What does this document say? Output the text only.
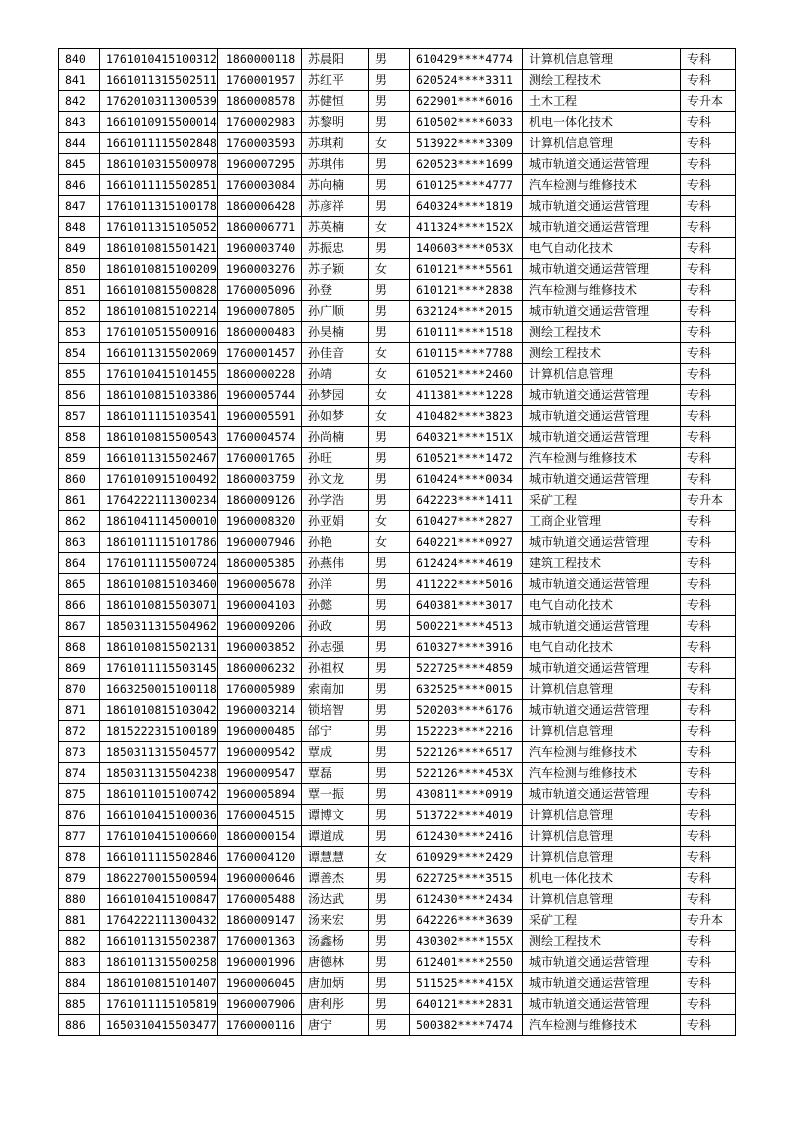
840	1761010415100312	1860000118	苏晨阳	男	610429****4774	计算机信息管理	专科
841	1661011315502511	1760001957	苏红平	男	620524****3311	测绘工程技术	专科
842	1762010311300539	1860008578	苏健恒	男	622901****6016	土木工程	专升本
843	1661010915500014	1760002983	苏黎明	男	610502****6033	机电一体化技术	专科
844	1661011115502848	1760003593	苏琪莉	女	513922****3309	计算机信息管理	专科
845	1861010315500978	1960007295	苏琪伟	男	620523****1699	城市轨道交通运营管理	专科
846	1661011115502851	1760003084	苏向楠	男	610125****4777	汽车检测与维修技术	专科
847	1761011315100178	1860006428	苏彦祥	男	640324****1819	城市轨道交通运营管理	专科
848	1761011315105052	1860006771	苏英楠	女	411324****152X	城市轨道交通运营管理	专科
849	1861010815501421	1960003740	苏振忠	男	140603****053X	电气自动化技术	专科
850	1861010815100209	1960003276	苏子颖	女	610121****5561	城市轨道交通运营管理	专科
851	1661010815500828	1760005096	孙登	男	610121****2838	汽车检测与维修技术	专科
852	1861010815102214	1960007805	孙广顺	男	632124****2015	城市轨道交通运营管理	专科
853	1761010515500916	1860000483	孙昊楠	男	610111****1518	测绘工程技术	专科
854	1661011315502069	1760001457	孙佳音	女	610115****7788	测绘工程技术	专科
855	1761010415101455	1860000228	孙靖	女	610521****2460	计算机信息管理	专科
856	1861010815103386	1960005744	孙梦园	女	411381****1228	城市轨道交通运营管理	专科
857	1861011115103541	1960005591	孙如梦	女	410482****3823	城市轨道交通运营管理	专科
858	1861010815500543	1760004574	孙尚楠	男	640321****151X	城市轨道交通运营管理	专科
859	1661011315502467	1760001765	孙旺	男	610521****1472	汽车检测与维修技术	专科
860	1761010915100492	1860003759	孙文龙	男	610424****0034	城市轨道交通运营管理	专科
861	1764222111300234	1860009126	孙学浩	男	642223****1411	采矿工程	专升本
862	1861041114500010	1960008320	孙亚娟	女	610427****2827	工商企业管理	专科
863	1861011115101786	1960007946	孙艳	女	640221****0927	城市轨道交通运营管理	专科
864	1761011115500724	1860005385	孙燕伟	男	612424****4619	建筑工程技术	专科
865	1861010815103460	1960005678	孙洋	男	411222****5016	城市轨道交通运营管理	专科
866	1861010815503071	1960004103	孙懿	男	640381****3017	电气自动化技术	专科
867	1850311315504962	1960009206	孙政	男	500221****4513	城市轨道交通运营管理	专科
868	1861010815502131	1960003852	孙志强	男	610327****3916	电气自动化技术	专科
869	1761011115503145	1860006232	孙祖权	男	522725****4859	城市轨道交通运营管理	专科
870	1663250015100118	1760005989	索南加	男	632525****0015	计算机信息管理	专科
871	1861010815103042	1960003214	锁培智	男	520203****6176	城市轨道交通运营管理	专科
872	1815222315100189	1960000485	邰宁	男	152223****2216	计算机信息管理	专科
873	1850311315504577	1960009542	覃成	男	522126****6517	汽车检测与维修技术	专科
874	1850311315504238	1960009547	覃磊	男	522126****453X	汽车检测与维修技术	专科
875	1861011015100742	1960005894	覃一振	男	430811****0919	城市轨道交通运营管理	专科
876	1661010415100036	1760004515	谭博文	男	513722****4019	计算机信息管理	专科
877	1761010415100660	1860000154	谭道成	男	612430****2416	计算机信息管理	专科
878	1661011115502846	1760004120	谭慧慧	女	610929****2429	计算机信息管理	专科
879	1862270015500594	1960000646	谭善杰	男	622725****3515	机电一体化技术	专科
880	1661010415100847	1760005488	汤达武	男	612430****2434	计算机信息管理	专科
881	1764222111300432	1860009147	汤来宏	男	642226****3639	采矿工程	专升本
882	1661011315502387	1760001363	汤鑫杨	男	430302****155X	测绘工程技术	专科
883	1861011315500258	1960001996	唐德林	男	612401****2550	城市轨道交通运营管理	专科
884	1861010815101407	1960006045	唐加炳	男	511525****415X	城市轨道交通运营管理	专科
885	1761011115105819	1960007906	唐利彤	男	640121****2831	城市轨道交通运营管理	专科
886	1650310415503477	1760000116	唐宁	男	500382****7474	汽车检测与维修技术	专科
